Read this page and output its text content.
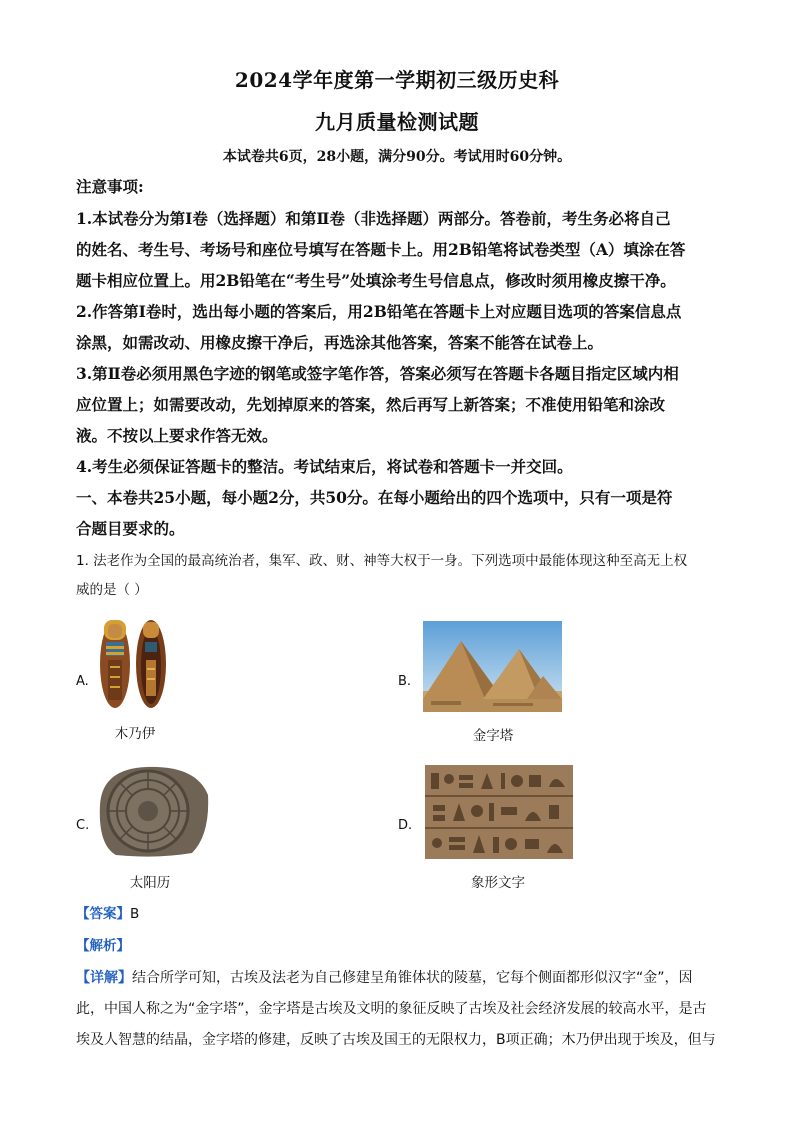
2024学年度第一学期初三级历史科
九月质量检测试题
本试卷共6页，28小题，满分90分。考试用时60分钟。
注意事项:
1.本试卷分为第Ⅰ卷（选择题）和第Ⅱ卷（非选择题）两部分。答卷前，考生务必将自己
的姓名、考生号、考场号和座位号填写在答题卡上。用2B铅笔将试卷类型（A）填涂在答
题卡相应位置上。用2B铅笔在“考生号”处填涂考生号信息点，修改时须用橡皮擦干净。
2.作答第Ⅰ卷时，选出每小题的答案后，用2B铅笔在答题卡上对应题目选项的答案信息点
涂黑，如需改动、用橡皮擦干净后，再选涂其他答案，答案不能答在试卷上。
3.第Ⅱ卷必须用黑色字迹的钢笔或签字笔作答，答案必须写在答题卡各题目指定区域内相
应位置上；如需要改动，先划掉原来的答案，然后再写上新答案；不准使用铅笔和涂改
液。不按以上要求作答无效。
4.考生必须保证答题卡的整洁。考试结束后，将试卷和答题卡一并交回。
一、本卷共25小题，每小题2分，共50分。在每小题给出的四个选项中，只有一项是符
合题目要求的。
1. 法老作为全国的最高统治者，集军、政、财、神等大权于一身。下列选项中最能体现这种至高无上权
威的是（ ）
A.
木乃伊
B.
金字塔
C.
太阳历
D.
象形文字
【答案】B
【解析】
【详解】结合所学可知，古埃及法老为自己修建呈角锥体状的陵墓，它每个侧面都形似汉字“金”，因
此，中国人称之为“金字塔”，金字塔是古埃及文明的象征反映了古埃及社会经济发展的较高水平，是古
埃及人智慧的结晶，金字塔的修建，反映了古埃及国王的无限权力，B项正确；木乃伊出现于埃及，但与
